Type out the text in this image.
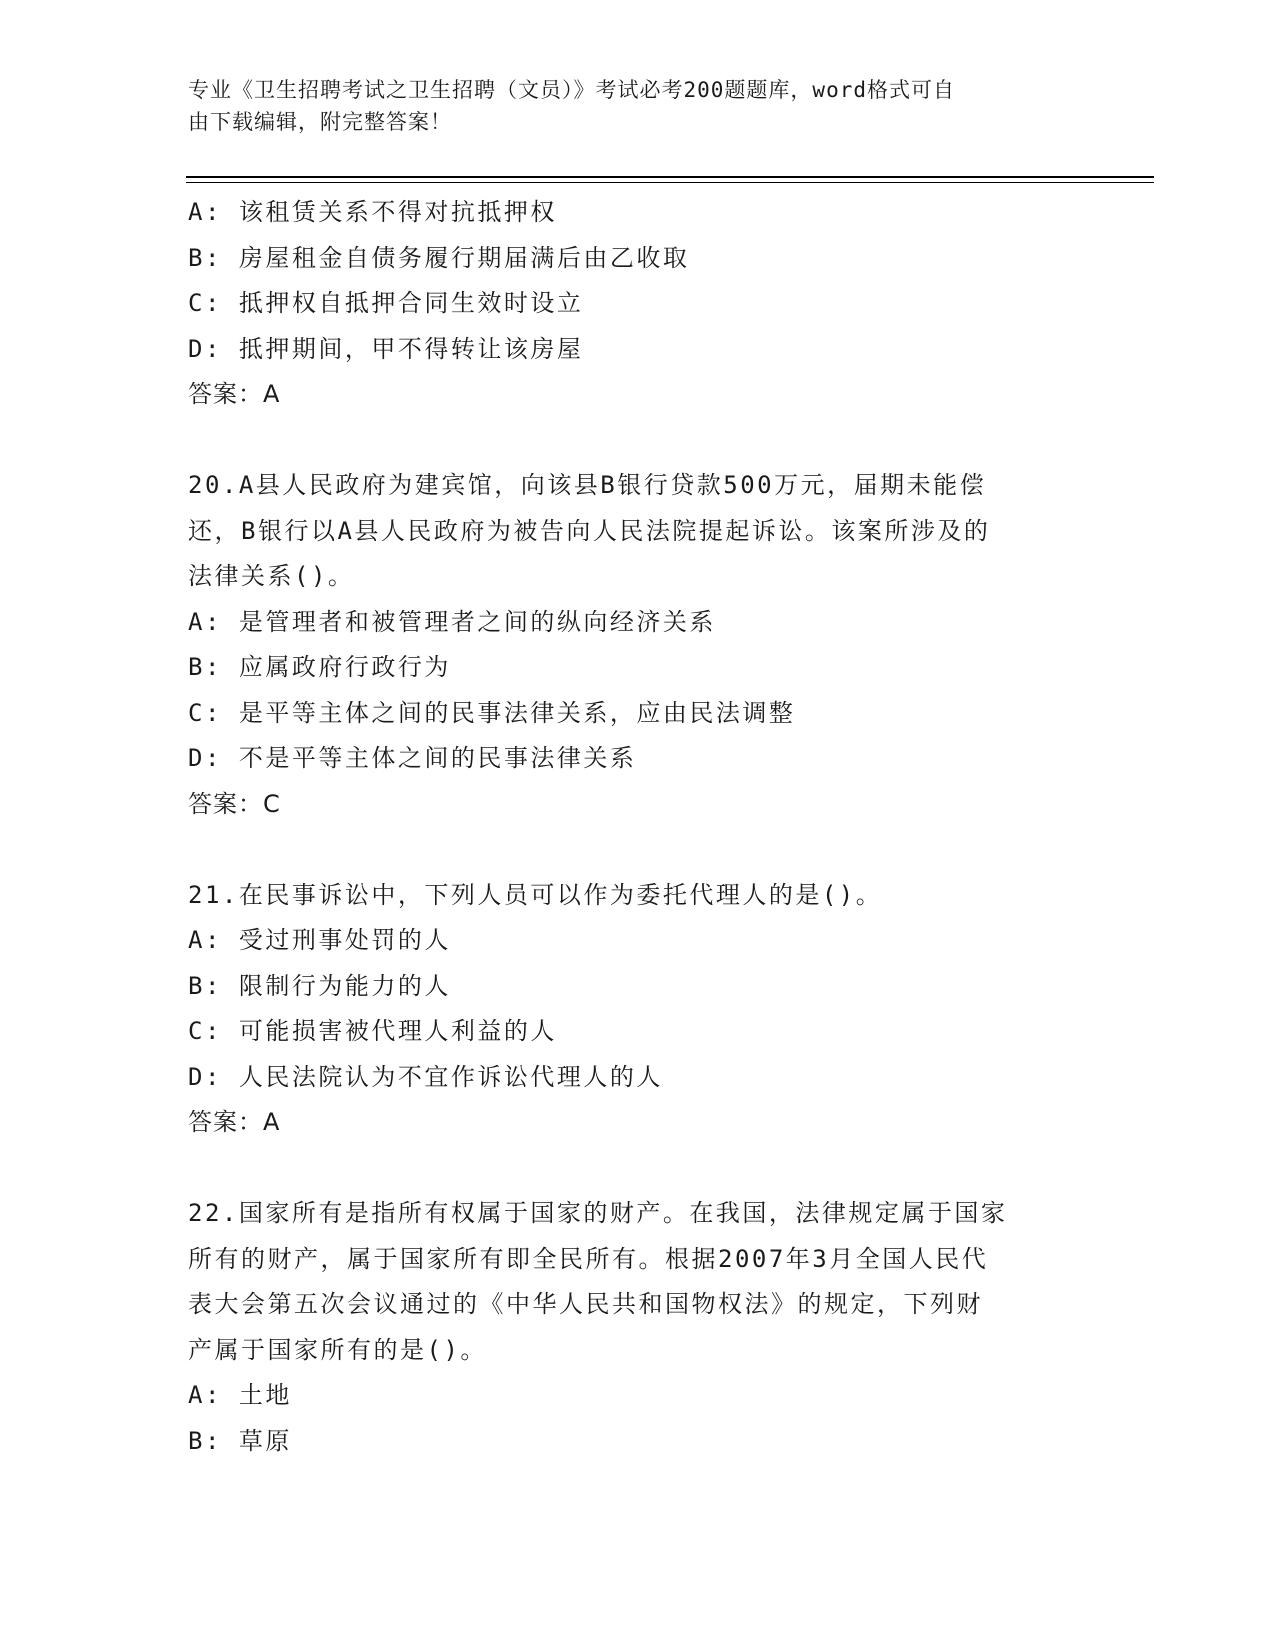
专业《卫生招聘考试之卫生招聘（文员）》考试必考200题题库，word格式可自
由下载编辑，附完整答案！
A: 该租赁关系不得对抗抵押权
B: 房屋租金自债务履行期届满后由乙收取
C: 抵押权自抵押合同生效时设立
D: 抵押期间，甲不得转让该房屋
答案：A
20.A县人民政府为建宾馆，向该县B银行贷款500万元，届期未能偿
还，B银行以A县人民政府为被告向人民法院提起诉讼。该案所涉及的
法律关系()。
A: 是管理者和被管理者之间的纵向经济关系
B: 应属政府行政行为
C: 是平等主体之间的民事法律关系，应由民法调整
D: 不是平等主体之间的民事法律关系
答案：C
21.在民事诉讼中，下列人员可以作为委托代理人的是()。
A: 受过刑事处罚的人
B: 限制行为能力的人
C: 可能损害被代理人利益的人
D: 人民法院认为不宜作诉讼代理人的人
答案：A
22.国家所有是指所有权属于国家的财产。在我国，法律规定属于国家
所有的财产，属于国家所有即全民所有。根据2007年3月全国人民代
表大会第五次会议通过的《中华人民共和国物权法》的规定，下列财
产属于国家所有的是()。
A: 土地
B: 草原
